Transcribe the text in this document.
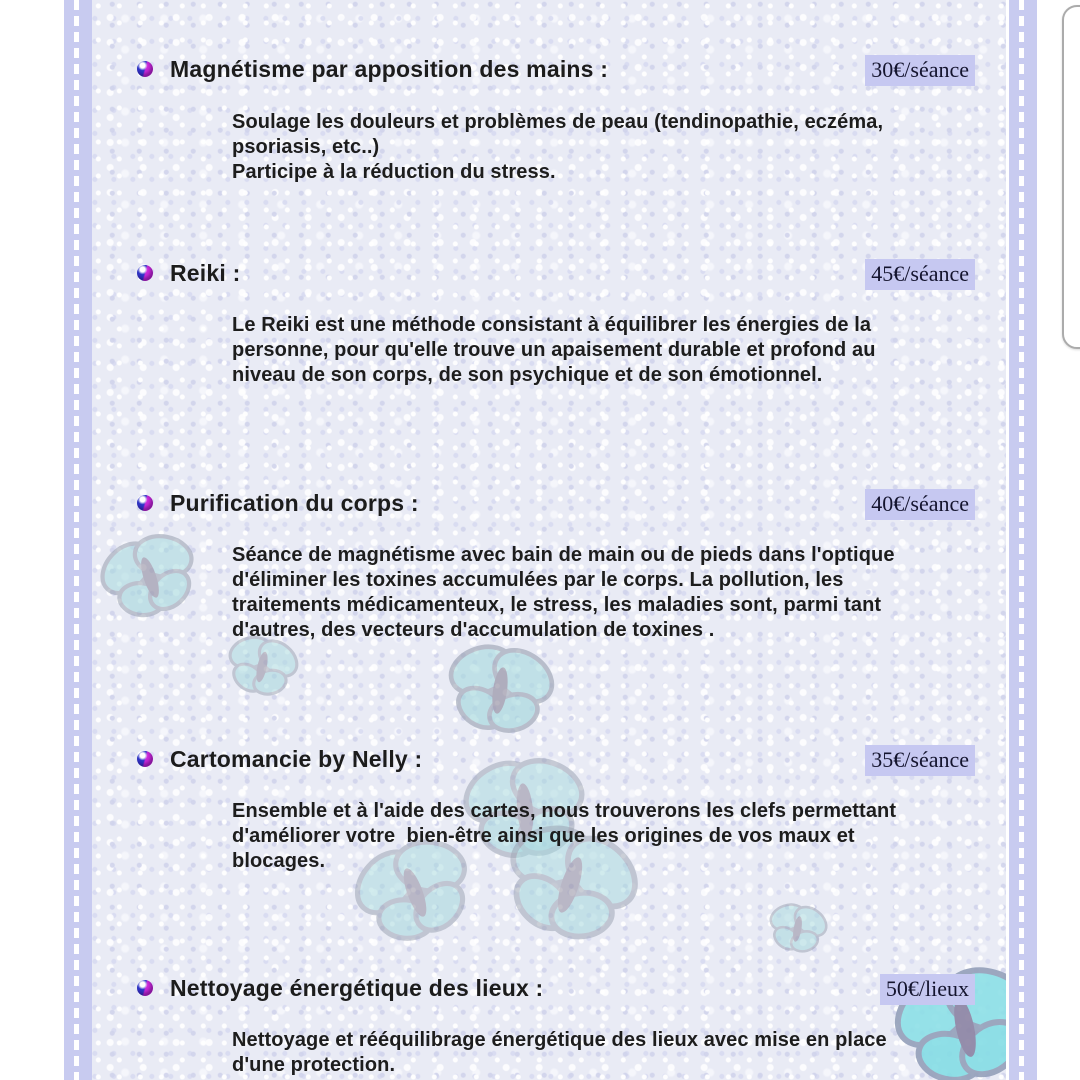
Magnétisme par apposition des mains :	30€/séance
Soulage les douleurs et problèmes de peau (tendinopathie, eczéma,
psoriasis, etc..)
Participe à la réduction du stress.
Reiki :	45€/séance
Le Reiki est une méthode consistant à équilibrer les énergies de la
personne, pour qu'elle trouve un apaisement durable et profond au
niveau de son corps, de son psychique et de son émotionnel.
Purification du corps :	40€/séance
Séance de magnétisme avec bain de main ou de pieds dans l'optique
d'éliminer les toxines accumulées par le corps. La pollution, les
traitements médicamenteux, le stress, les maladies sont, parmi tant
d'autres, des vecteurs d'accumulation de toxines .
Cartomancie by Nelly :	35€/séance
Ensemble et à l'aide des cartes, nous trouverons les clefs permettant
d'améliorer votre  bien-être ainsi que les origines de vos maux et
blocages.
Nettoyage énergétique des lieux :	50€/lieux
Nettoyage et rééquilibrage énergétique des lieux avec mise en place
d'une protection.
